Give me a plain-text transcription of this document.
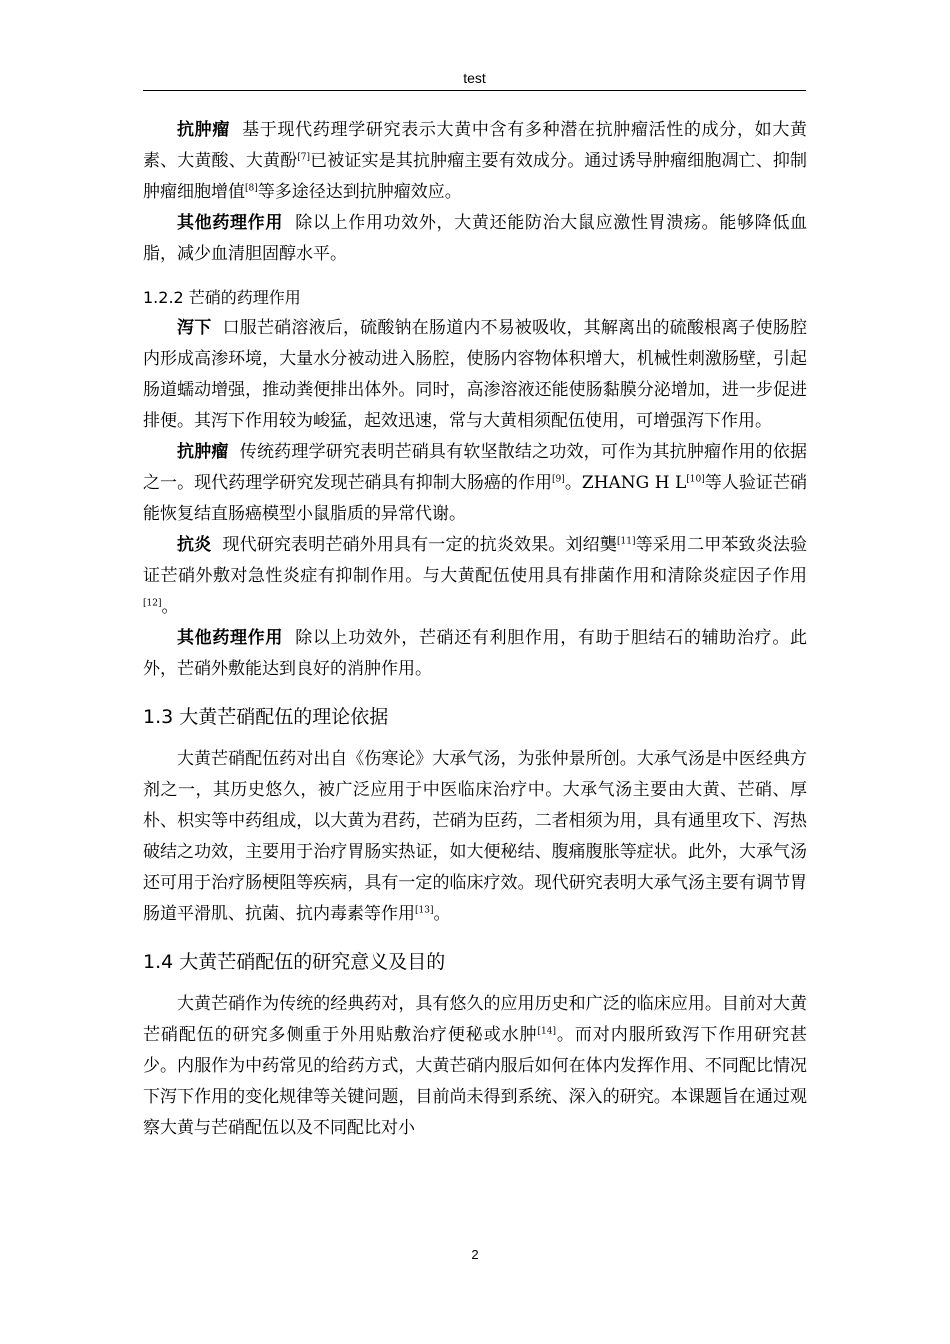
test

抗肿瘤 基于现代药理学研究表示大黄中含有多种潜在抗肿瘤活性的成分，如大黄素、大黄酸、大黄酚[7]已被证实是其抗肿瘤主要有效成分。通过诱导肿瘤细胞凋亡、抑制肿瘤细胞增值[8]等多途径达到抗肿瘤效应。

其他药理作用 除以上作用功效外，大黄还能防治大鼠应激性胃溃疡。能够降低血脂，减少血清胆固醇水平。

1.2.2 芒硝的药理作用

泻下 口服芒硝溶液后，硫酸钠在肠道内不易被吸收，其解离出的硫酸根离子使肠腔内形成高渗环境，大量水分被动进入肠腔，使肠内容物体积增大，机械性刺激肠壁，引起肠道蠕动增强，推动粪便排出体外。同时，高渗溶液还能使肠黏膜分泌增加，进一步促进排便。其泻下作用较为峻猛，起效迅速，常与大黄相须配伍使用，可增强泻下作用。

抗肿瘤 传统药理学研究表明芒硝具有软坚散结之功效，可作为其抗肿瘤作用的依据之一。现代药理学研究发现芒硝具有抑制大肠癌的作用[9]。ZHANG H L[10]等人验证芒硝能恢复结直肠癌模型小鼠脂质的异常代谢。

抗炎 现代研究表明芒硝外用具有一定的抗炎效果。刘绍龑[11]等采用二甲苯致炎法验证芒硝外敷对急性炎症有抑制作用。与大黄配伍使用具有排菌作用和清除炎症因子作用[12]。

其他药理作用 除以上功效外，芒硝还有利胆作用，有助于胆结石的辅助治疗。此外，芒硝外敷能达到良好的消肿作用。

1.3 大黄芒硝配伍的理论依据

大黄芒硝配伍药对出自《伤寒论》大承气汤，为张仲景所创。大承气汤是中医经典方剂之一，其历史悠久，被广泛应用于中医临床治疗中。大承气汤主要由大黄、芒硝、厚朴、枳实等中药组成，以大黄为君药，芒硝为臣药，二者相须为用，具有通里攻下、泻热破结之功效，主要用于治疗胃肠实热证，如大便秘结、腹痛腹胀等症状。此外，大承气汤还可用于治疗肠梗阻等疾病，具有一定的临床疗效。现代研究表明大承气汤主要有调节胃肠道平滑肌、抗菌、抗内毒素等作用[13]。

1.4 大黄芒硝配伍的研究意义及目的

大黄芒硝作为传统的经典药对，具有悠久的应用历史和广泛的临床应用。目前对大黄芒硝配伍的研究多侧重于外用贴敷治疗便秘或水肿[14]。而对内服所致泻下作用研究甚少。内服作为中药常见的给药方式，大黄芒硝内服后如何在体内发挥作用、不同配比情况下泻下作用的变化规律等关键问题，目前尚未得到系统、深入的研究。本课题旨在通过观察大黄与芒硝配伍以及不同配比对小

2
